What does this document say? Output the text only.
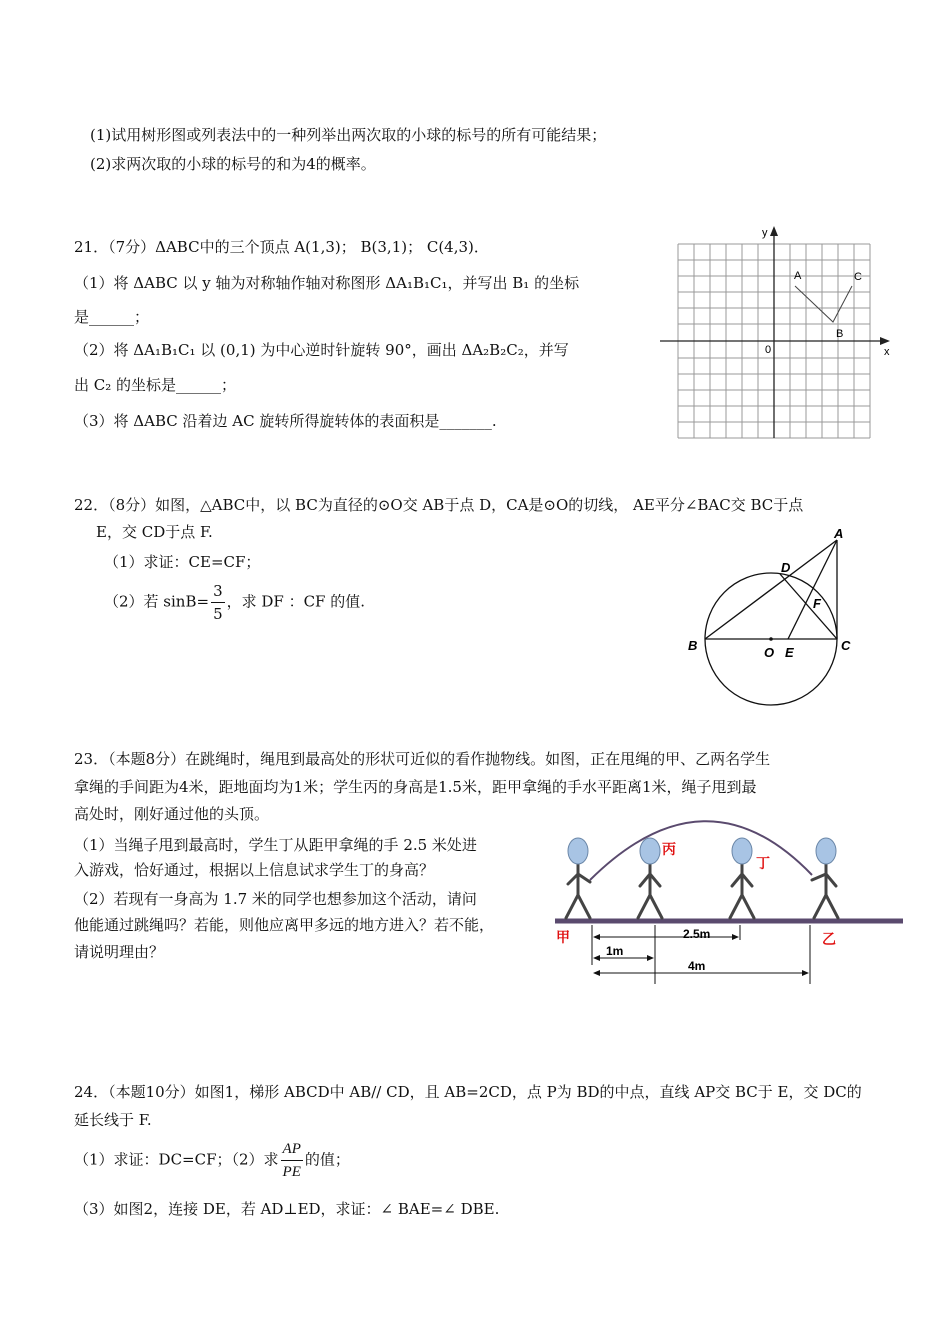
(1)试用树形图或列表法中的一种列举出两次取的小球的标号的所有可能结果；
(2)求两次取的小球的标号的和为4的概率。
21．（7分）ΔABC中的三个顶点 A(1,3)； B(3,1)； C(4,3)．
（1）将 ΔABC 以 y 轴为对称轴作轴对称图形 ΔA₁B₁C₁，并写出 B₁ 的坐标
是______；
（2）将 ΔA₁B₁C₁ 以 (0,1) 为中心逆时针旋转 90°，画出 ΔA₂B₂C₂，并写
出 C₂ 的坐标是______；
（3）将 ΔABC 沿着边 AC 旋转所得旋转体的表面积是_______.
y
x
0
A
B
C
22．（8分）如图，△ABC中，以 BC为直径的⊙O交 AB于点 D，CA是⊙O的切线， AE平分∠BAC交 BC于点
E，交 CD于点 F.
（1）求证：CE=CF；
（2）若 $\sin B= \frac{3}{5}$ ，求 DF ：CF 的值.
A
B	C
D
E
F
O
23．（本题8分）在跳绳时，绳甩到最高处的形状可近似的看作抛物线。如图，正在甩绳的甲、乙两名学生
拿绳的手间距为4米，距地面均为1米；学生丙的身高是1.5米，距甲拿绳的手水平距离1米，绳子甩到最
高处时，刚好通过他的头顶。
（1）当绳子甩到最高时，学生丁从距甲拿绳的手 2.5 米处进
入游戏，恰好通过，根据以上信息试求学生丁的身高？
（2）若现有一身高为 1.7 米的同学也想参加这个活动，请问
他能通过跳绳吗？若能，则他应离甲多远的地方进入？若不能，
请说明理由？
2.5m
1m
4m
甲	乙
丙
丁
24．（本题10分）如图1，梯形 ABCD中 AB// CD，且 AB=2CD，点 P为 BD的中点，直线 AP交 BC于 E，交 DC的
延长线于 F.
（1）求证：DC=CF；（2）求 $\frac{AP}{PE}$ 的值；
（3）如图2，连接 DE，若 AD⊥ED，求证：∠ BAE=∠ DBE.
